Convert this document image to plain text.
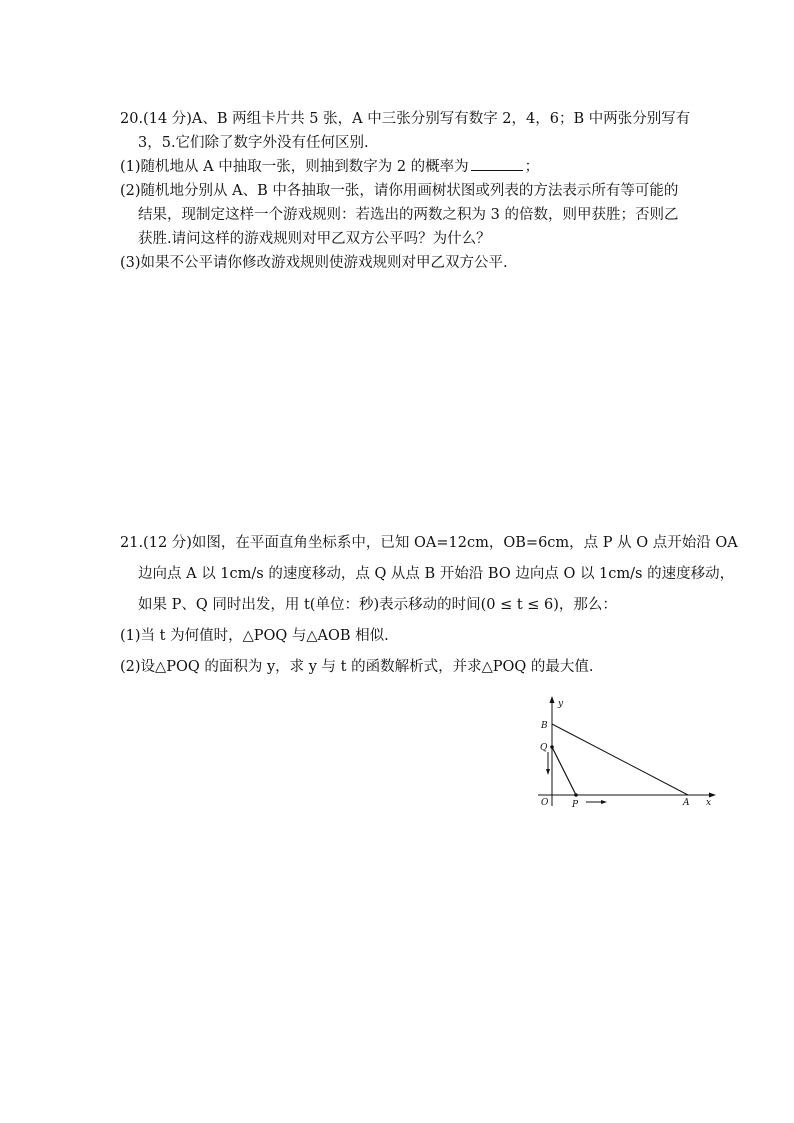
20.(14 分)A、B 两组卡片共 5 张，A 中三张分别写有数字 2，4，6；B 中两张分别写有
3，5.它们除了数字外没有任何区别.
(1)随机地从 A 中抽取一张，则抽到数字为 2 的概率为	；
(2)随机地分别从 A、B 中各抽取一张，请你用画树状图或列表的方法表示所有等可能的
结果，现制定这样一个游戏规则：若选出的两数之积为 3 的倍数，则甲获胜；否则乙
获胜.请问这样的游戏规则对甲乙双方公平吗？为什么？
(3)如果不公平请你修改游戏规则使游戏规则对甲乙双方公平.
21.(12 分)如图，在平面直角坐标系中，已知 OA=12cm，OB=6cm，点 P 从 O 点开始沿 OA
边向点 A 以 1cm/s 的速度移动，点 Q 从点 B 开始沿 BO 边向点 O 以 1cm/s 的速度移动，
如果 P、Q 同时出发，用 t(单位：秒)表示移动的时间(0 ≤ t ≤ 6)，那么：
(1)当 t 为何值时，△POQ 与△AOB 相似.
(2)设△POQ 的面积为 y，求 y 与 t 的函数解析式，并求△POQ 的最大值.
y
x
B
Q
O	P	A
